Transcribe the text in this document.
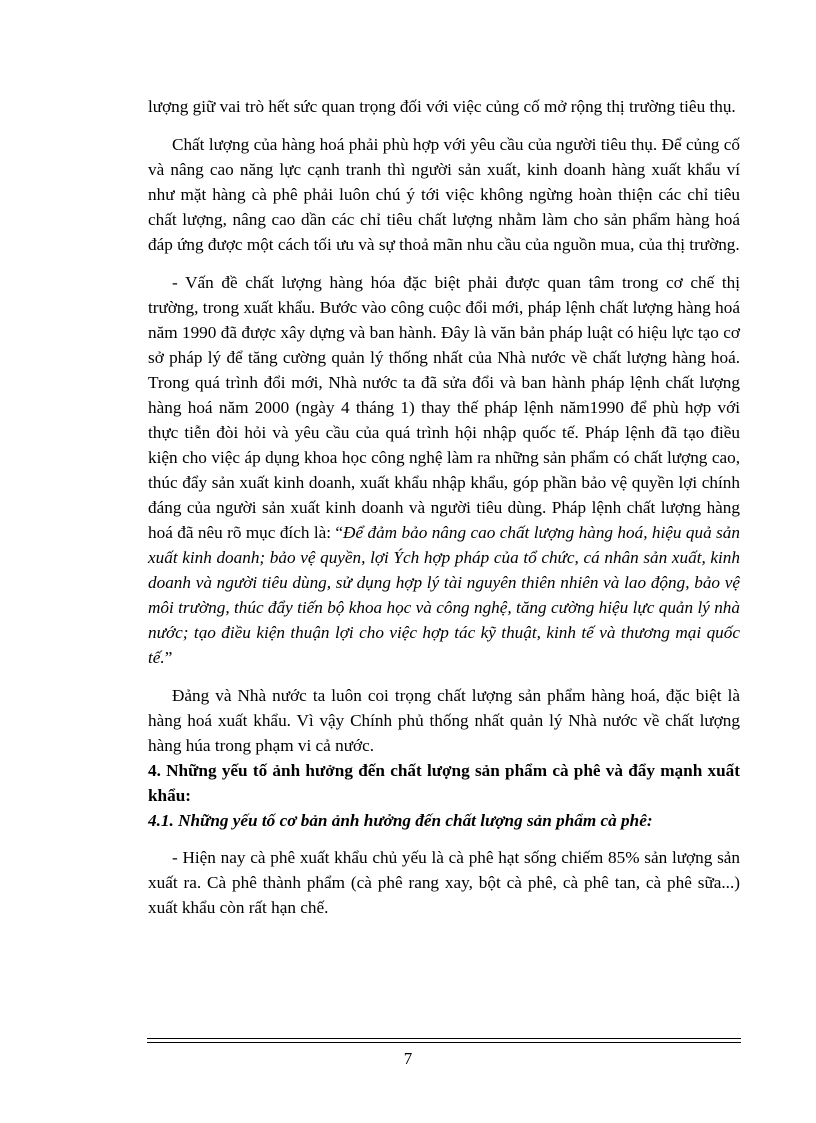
lượng giữ vai trò hết sức quan trọng đối với việc củng cố mở rộng thị trường tiêu thụ.

Chất lượng của hàng hoá phải phù hợp với yêu cầu của người tiêu thụ. Để củng cố và nâng cao năng lực cạnh tranh thì người sản xuất, kinh doanh hàng xuất khẩu ví như mặt hàng cà phê phải luôn chú ý tới việc không ngừng hoàn thiện các chỉ tiêu chất lượng, nâng cao dần các chỉ tiêu chất lượng nhằm làm cho sản phẩm hàng hoá đáp ứng được một cách tối ưu và sự thoả mãn nhu cầu của nguồn mua, của thị trường.

- Vấn đề chất lượng hàng hóa đặc biệt phải được quan tâm trong cơ chế thị trường, trong xuất khẩu. Bước vào công cuộc đổi mới, pháp lệnh chất lượng hàng hoá năm 1990 đã được xây dựng và ban hành. Đây là văn bản pháp luật có hiệu lực tạo cơ sở pháp lý để tăng cường quản lý thống nhất của Nhà nước về chất lượng hàng hoá. Trong quá trình đổi mới, Nhà nước ta đã sửa đổi và ban hành pháp lệnh chất lượng hàng hoá năm 2000 (ngày 4 tháng 1) thay thế pháp lệnh năm1990 để phù hợp với thực tiễn đòi hỏi và yêu cầu của quá trình hội nhập quốc tế. Pháp lệnh đã tạo điều kiện cho việc áp dụng khoa học công nghệ làm ra những sản phẩm có chất lượng cao, thúc đẩy sản xuất kinh doanh, xuất khẩu nhập khẩu, góp phần bảo vệ quyền lợi chính đáng của người sản xuất kinh doanh và người tiêu dùng. Pháp lệnh chất lượng hàng hoá đã nêu rõ mục đích là: “Để đảm bảo nâng cao chất lượng hàng hoá, hiệu quả sản xuất kinh doanh; bảo vệ quyền, lợi Ých hợp pháp của tổ chức, cá nhân sản xuất, kinh doanh và người tiêu dùng, sử dụng hợp lý tài nguyên thiên nhiên và lao động, bảo vệ môi trường, thúc đẩy tiến bộ khoa học và công nghệ, tăng cường hiệu lực quản lý nhà nước; tạo điều kiện thuận lợi cho việc hợp tác kỹ thuật, kinh tế và thương mại quốc tế.”

Đảng và Nhà nước ta luôn coi trọng chất lượng sản phẩm hàng hoá, đặc biệt là hàng hoá xuất khẩu. Vì vậy Chính phủ thống nhất quản lý Nhà nước về chất lượng hàng húa trong phạm vi cả nước.

4. Những yếu tố ảnh hưởng đến chất lượng sản phẩm cà phê và đẩy mạnh xuất khẩu:
4.1. Những yếu tố cơ bản ảnh hưởng đến chất lượng sản phẩm cà phê:

- Hiện nay cà phê xuất khẩu chủ yếu là cà phê hạt sống chiếm 85% sản lượng sản xuất ra. Cà phê thành phẩm (cà phê rang xay, bột cà phê, cà phê tan, cà phê sữa...) xuất khẩu còn rất hạn chế.

7
